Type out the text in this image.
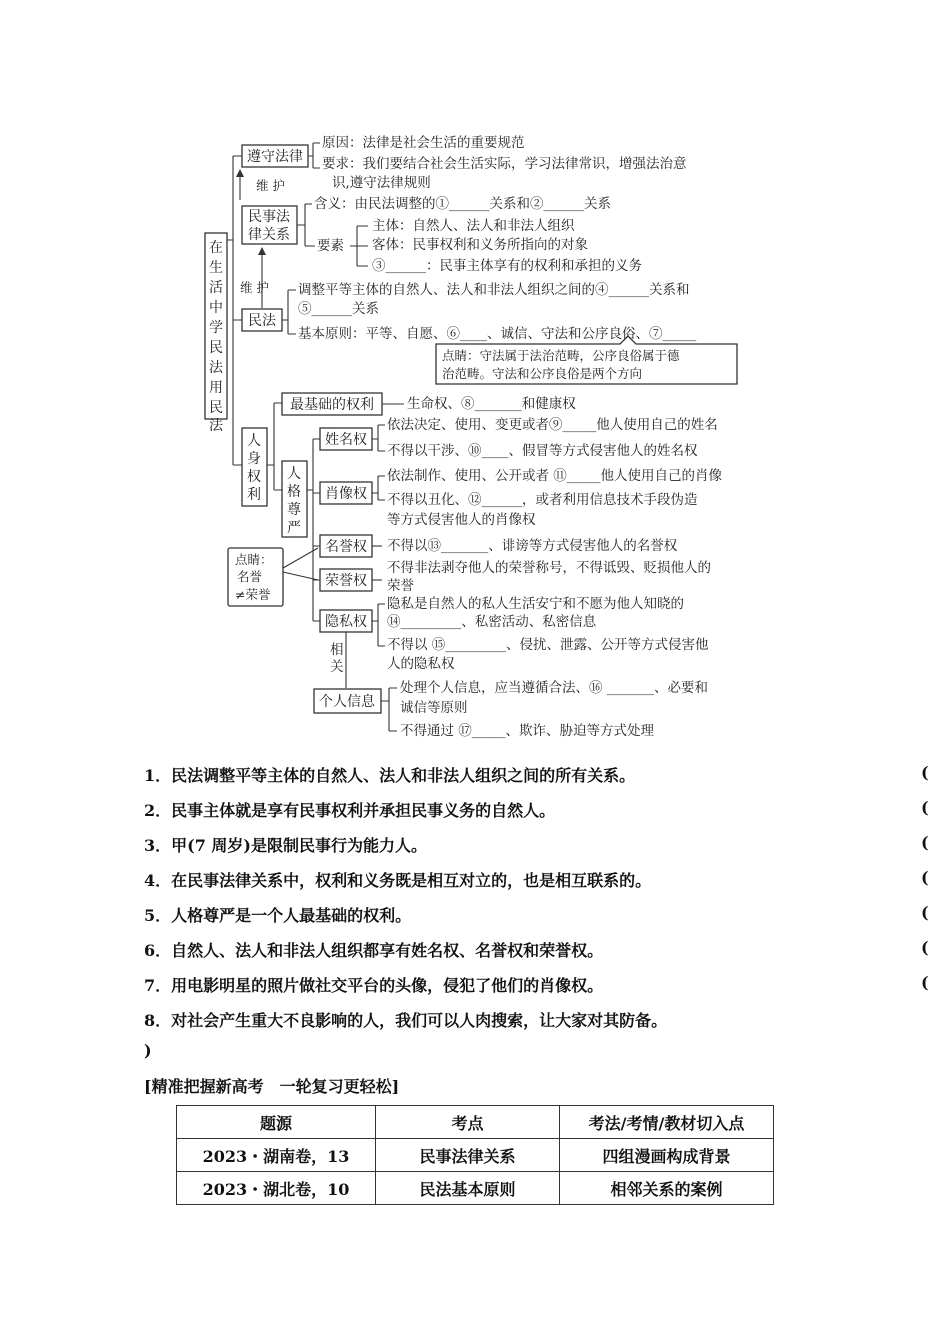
在
生
活
中
学
民
法
用
民
法
遵守法律
原因：法律是社会生活的重要规范
要求：我们要结合社会生活实际，学习法律常识，增强法治意
识,遵守法律规则
维 护
民事法
律关系
含义：由民法调整的①______关系和②______关系
要素
主体：自然人、法人和非法人组织
客体：民事权利和义务所指向的对象
③______：民事主体享有的权利和承担的义务
维 护
民法
调整平等主体的自然人、法人和非法人组织之间的④______关系和
⑤______关系
基本原则：平等、自愿、⑥____、诚信、守法和公序良俗、⑦_____
点睛：守法属于法治范畴，公序良俗属于德
治范畴。守法和公序良俗是两个方向
人
身
权
利
最基础的权利 生命权、⑧_______和健康权
人
格
尊
严
姓名权
依法决定、使用、变更或者⑨_____他人使用自己的姓名
不得以干涉、⑩____、假冒等方式侵害他人的姓名权
肖像权
依法制作、使用、公开或者 ⑪_____他人使用自己的肖像
不得以丑化、⑫______，或者利用信息技术手段伪造
等方式侵害他人的肖像权
名誉权 不得以⑬_______、诽谤等方式侵害他人的名誉权
荣誉权
不得非法剥夺他人的荣誉称号，不得诋毁、贬损他人的
荣誉
点睛：
名誉
≠荣誉
隐私权
隐私是自然人的私人生活安宁和不愿为他人知晓的
⑭_________、私密活动、私密信息
不得以 ⑮_________、侵扰、泄露、公开等方式侵害他
人的隐私权
相
关
个人信息
处理个人信息，应当遵循合法、⑯ _______、必要和
诚信等原则
不得通过 ⑰_____、欺诈、胁迫等方式处理
1．民法调整平等主体的自然人、法人和非法人组织之间的所有关系。	(
2．民事主体就是享有民事权利并承担民事义务的自然人。	(
3．甲(7 周岁)是限制民事行为能力人。	(
4．在民事法律关系中，权利和义务既是相互对立的，也是相互联系的。	(
5．人格尊严是一个人最基础的权利。	(
6．自然人、法人和非法人组织都享有姓名权、名誉权和荣誉权。	(
7．用电影明星的照片做社交平台的头像，侵犯了他们的肖像权。	(
8．对社会产生重大不良影响的人，我们可以人肉搜索，让大家对其防备。
)
[精准把握新高考　一轮复习更轻松]
题源	考点	考法/考情/教材切入点
2023・湖南卷，13	民事法律关系	四组漫画构成背景
2023・湖北卷，10	民法基本原则	相邻关系的案例
